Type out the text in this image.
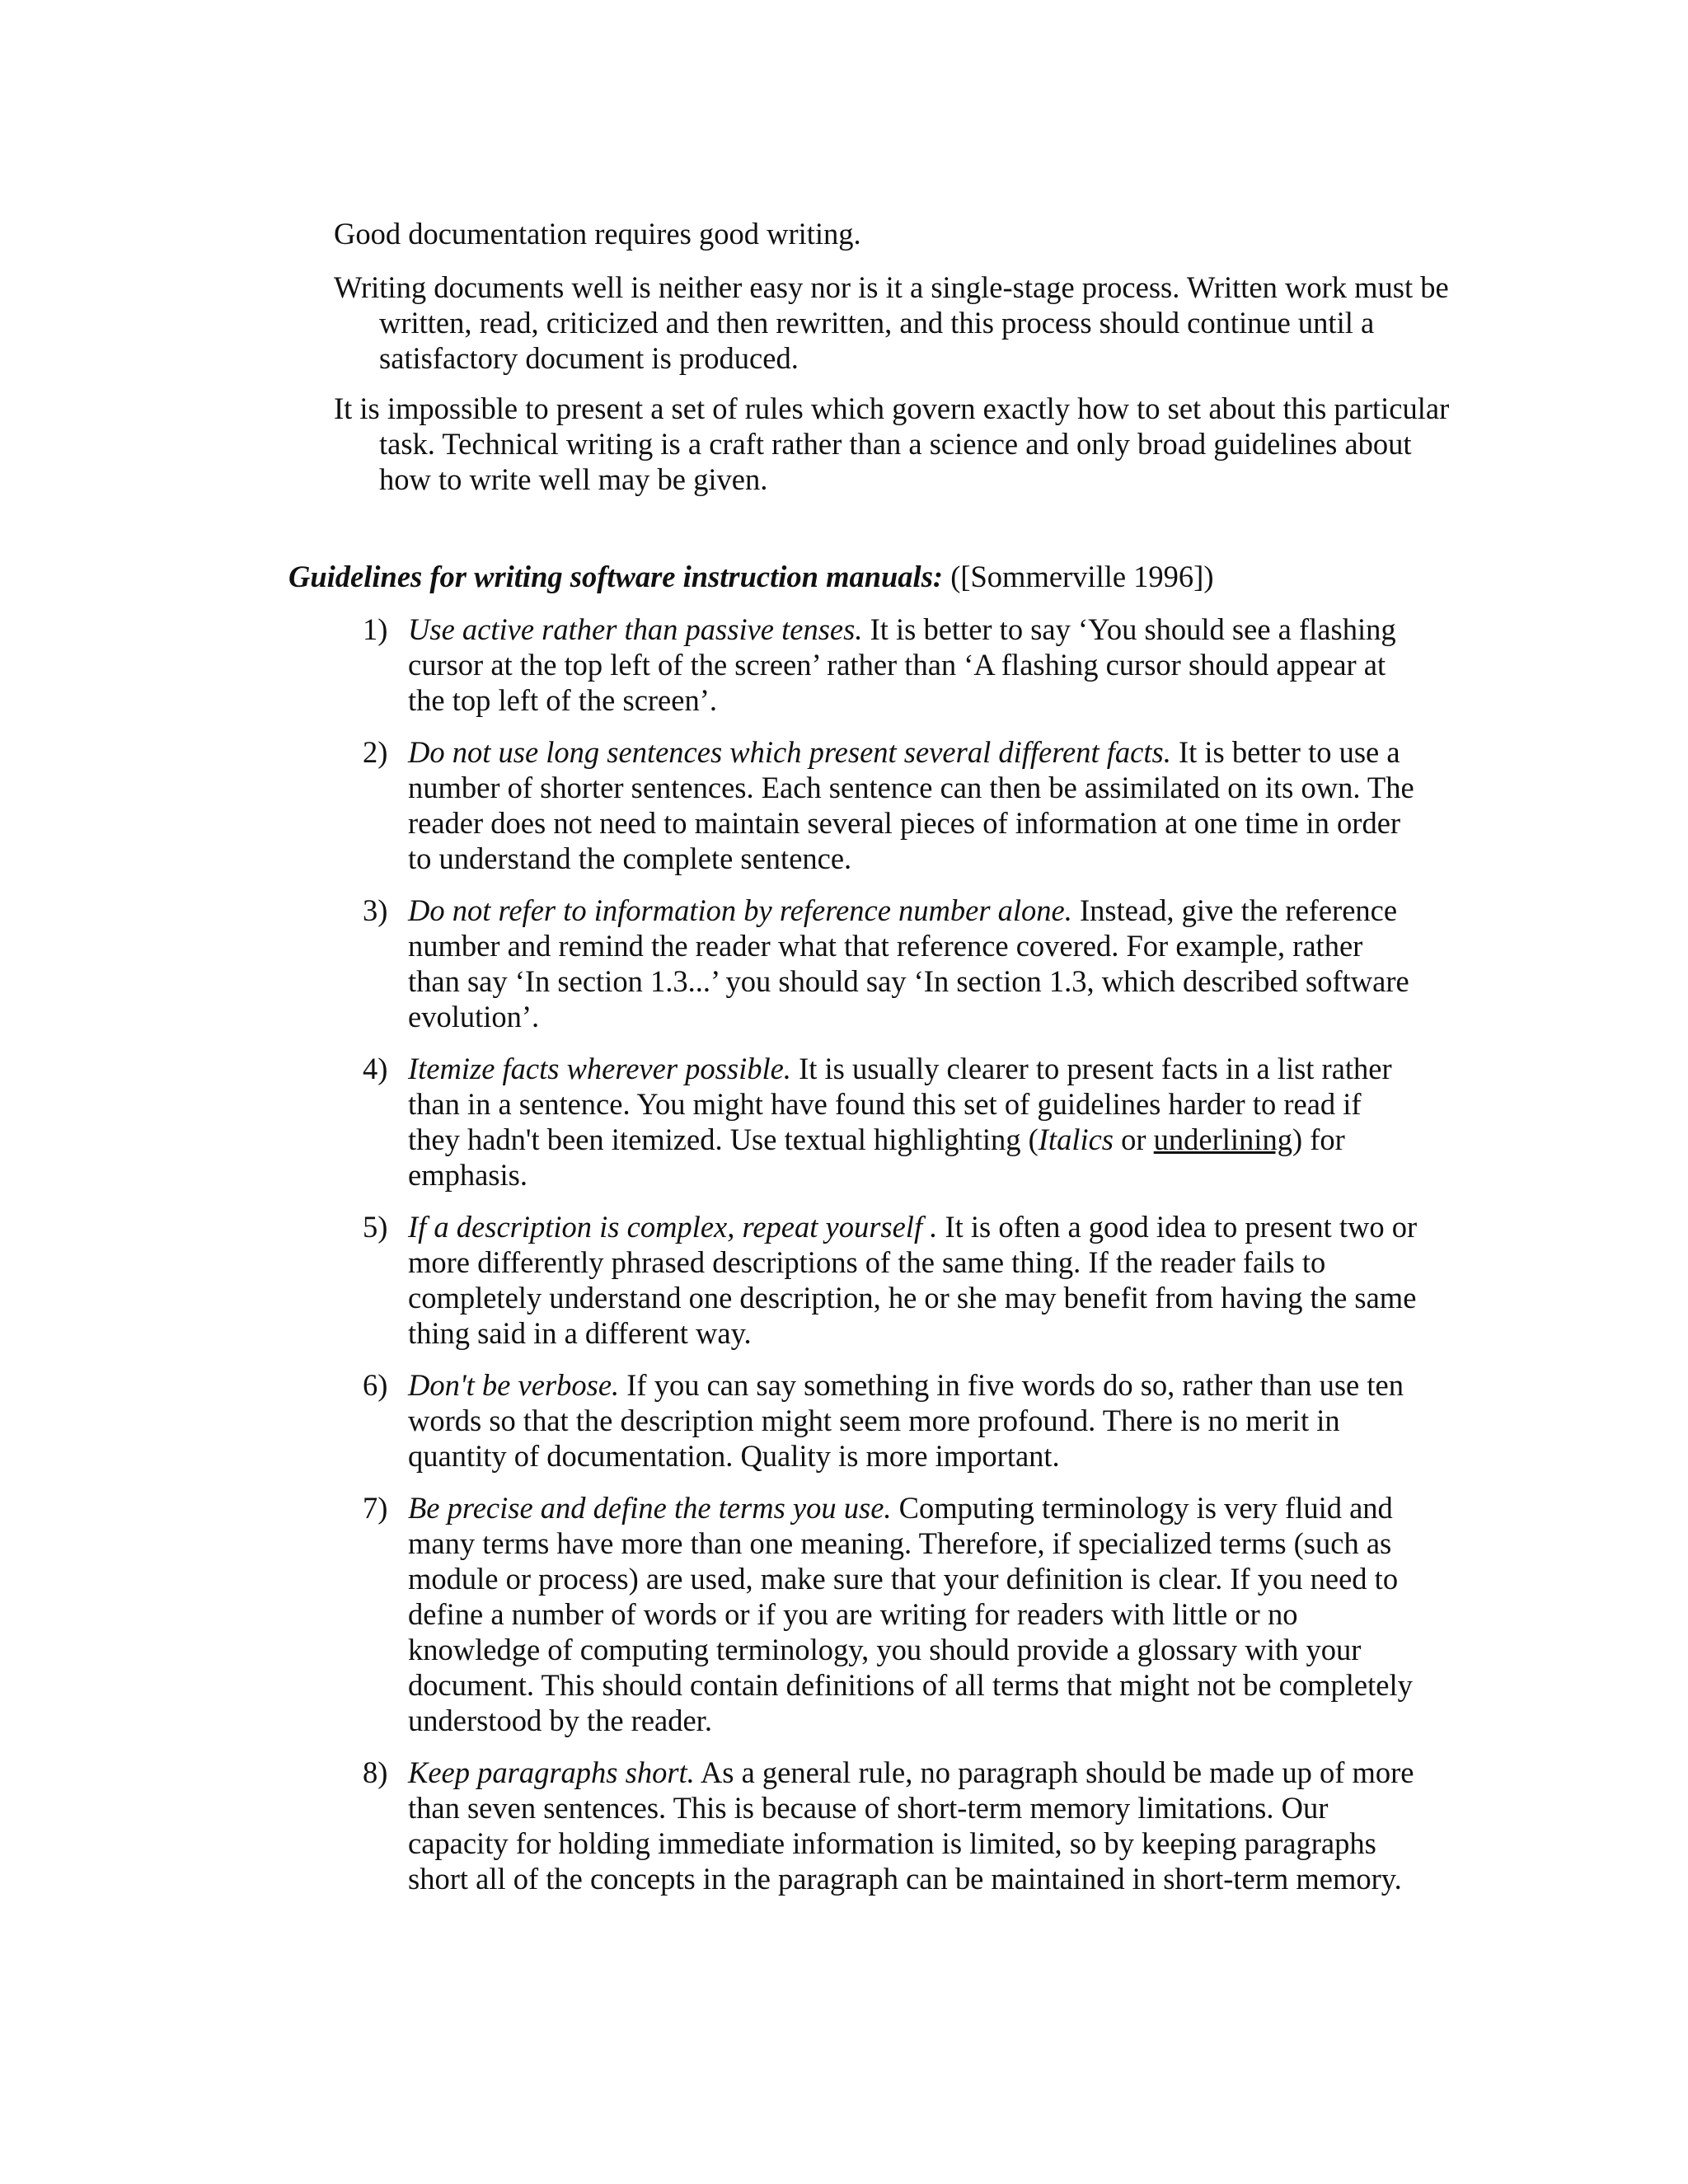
Good documentation requires good writing.

Writing documents well is neither easy nor is it a single-stage process. Written work must be written, read, criticized and then rewritten, and this process should continue until a satisfactory document is produced.

It is impossible to present a set of rules which govern exactly how to set about this particular task. Technical writing is a craft rather than a science and only broad guidelines about how to write well may be given.

Guidelines for writing software instruction manuals: ([Sommerville 1996])

1) Use active rather than passive tenses. It is better to say ‘You should see a flashing cursor at the top left of the screen’ rather than ‘A flashing cursor should appear at the top left of the screen’.
2) Do not use long sentences which present several different facts. It is better to use a number of shorter sentences. Each sentence can then be assimilated on its own. The reader does not need to maintain several pieces of information at one time in order to understand the complete sentence.
3) Do not refer to information by reference number alone. Instead, give the reference number and remind the reader what that reference covered. For example, rather than say ‘In section 1.3...’ you should say ‘In section 1.3, which described software evolution’.
4) Itemize facts wherever possible. It is usually clearer to present facts in a list rather than in a sentence. You might have found this set of guidelines harder to read if they hadn't been itemized. Use textual highlighting (Italics or underlining) for emphasis.
5) If a description is complex, repeat yourself . It is often a good idea to present two or more differently phrased descriptions of the same thing. If the reader fails to completely understand one description, he or she may benefit from having the same thing said in a different way.
6) Don't be verbose. If you can say something in five words do so, rather than use ten words so that the description might seem more profound. There is no merit in quantity of documentation. Quality is more important.
7) Be precise and define the terms you use. Computing terminology is very fluid and many terms have more than one meaning. Therefore, if specialized terms (such as module or process) are used, make sure that your definition is clear. If you need to define a number of words or if you are writing for readers with little or no knowledge of computing terminology, you should provide a glossary with your document. This should contain definitions of all terms that might not be completely understood by the reader.
8) Keep paragraphs short. As a general rule, no paragraph should be made up of more than seven sentences. This is because of short-term memory limitations. Our capacity for holding immediate information is limited, so by keeping paragraphs short all of the concepts in the paragraph can be maintained in short-term memory.
